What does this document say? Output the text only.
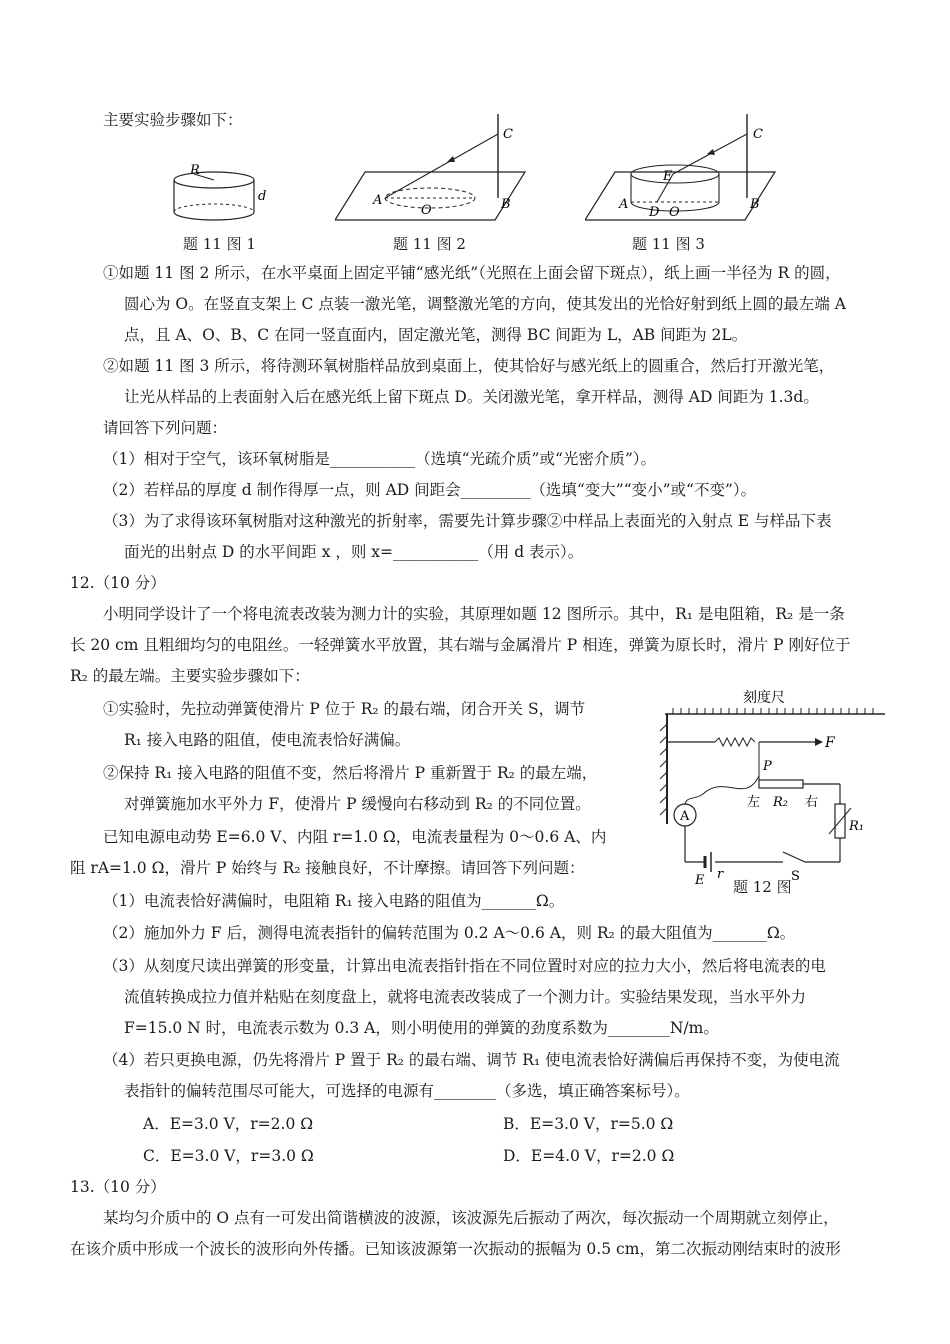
主要实验步骤如下：
R
d	A
O	B
C
A
D O
E
B
C
题 11 图 1	题 11 图 2	题 11 图 3
①如题 11 图 2 所示，在水平桌面上固定平铺“感光纸”（光照在上面会留下斑点），纸上画一半径为 R 的圆，
圆心为 O。在竖直支架上 C 点装一激光笔，调整激光笔的方向，使其发出的光恰好射到纸上圆的最左端 A
点，且 A、O、B、C 在同一竖直面内，固定激光笔，测得 BC 间距为 L，AB 间距为 2L。
②如题 11 图 3 所示，将待测环氧树脂样品放到桌面上，使其恰好与感光纸上的圆重合，然后打开激光笔，
让光从样品的上表面射入后在感光纸上留下斑点 D。关闭激光笔，拿开样品，测得 AD 间距为 1.3d。
请回答下列问题：
（1）相对于空气，该环氧树脂是___________（选填“光疏介质”或“光密介质”）。
（2）若样品的厚度 d 制作得厚一点，则 AD 间距会_________（选填“变大”“变小”或“不变”）。
（3）为了求得该环氧树脂对这种激光的折射率，需要先计算步骤②中样品上表面光的入射点 E 与样品下表
面光的出射点 D 的水平间距 x ，则 x=___________（用 d 表示）。
12.（10 分）
小明同学设计了一个将电流表改装为测力计的实验，其原理如题 12 图所示。其中，R₁ 是电阻箱，R₂ 是一条
长 20 cm 且粗细均匀的电阻丝。一轻弹簧水平放置，其右端与金属滑片 P 相连，弹簧为原长时，滑片 P 刚好位于
R₂ 的最左端。主要实验步骤如下：
①实验时，先拉动弹簧使滑片 P 位于 R₂ 的最右端，闭合开关 S，调节
R₁ 接入电路的阻值，使电流表恰好满偏。
②保持 R₁ 接入电路的阻值不变，然后将滑片 P 重新置于 R₂ 的最左端，
对弹簧施加水平外力 F，使滑片 P 缓慢向右移动到 R₂ 的不同位置。
已知电源电动势 E=6.0 V、内阻 r=1.0 Ω，电流表量程为 0～0.6 A、内
阻 rA=1.0 Ω，滑片 P 始终与 R₂ 接触良好，不计摩擦。请回答下列问题：
刻度尺
F
P
左 R₂ 右
R₁
S
E r
A
题 12 图
（1）电流表恰好满偏时，电阻箱 R₁ 接入电路的阻值为_______Ω。
（2）施加外力 F 后，测得电流表指针的偏转范围为 0.2 A～0.6 A，则 R₂ 的最大阻值为_______Ω。
（3）从刻度尺读出弹簧的形变量，计算出电流表指针指在不同位置时对应的拉力大小，然后将电流表的电
流值转换成拉力值并粘贴在刻度盘上，就将电流表改装成了一个测力计。实验结果发现，当水平外力
F=15.0 N 时，电流表示数为 0.3 A，则小明使用的弹簧的劲度系数为________N/m。
（4）若只更换电源，仍先将滑片 P 置于 R₂ 的最右端、调节 R₁ 使电流表恰好满偏后再保持不变，为使电流
表指针的偏转范围尽可能大，可选择的电源有________（多选，填正确答案标号）。
A．E=3.0 V，r=2.0 Ω	B．E=3.0 V，r=5.0 Ω
C．E=3.0 V，r=3.0 Ω	D．E=4.0 V，r=2.0 Ω
13.（10 分）
某均匀介质中的 O 点有一可发出简谐横波的波源，该波源先后振动了两次，每次振动一个周期就立刻停止，
在该介质中形成一个波长的波形向外传播。已知该波源第一次振动的振幅为 0.5 cm，第二次振动刚结束时的波形
